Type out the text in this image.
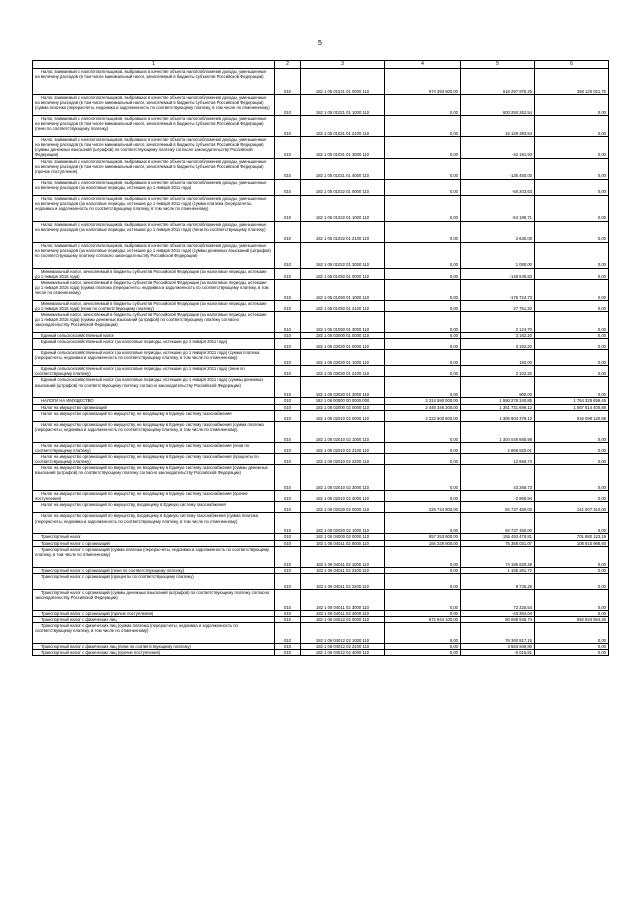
5
1	2	3	4	5	6
Налог, взимаемый с налогоплательщиков, выбравших в качестве объекта налогообложения доходы, уменьшенные на величину расходов (в том числе минимальный налог, зачисляемый в бюджеты субъектов Российской Федерации)	010	182 1 05 01021 01 0000 110	974 393 600,00	616 297 976,25	358 125 021,75
Налог, взимаемый с налогоплательщиков, выбравших в качестве объекта налогообложения доходы, уменьшенные на величину расходов (в том числе минимальный налог, зачисляемый в бюджеты субъектов Российской Федерации) (сумма платежа (перерасчеты, недоимка и задолженность по соответствующему платежу, в том числе по отмененному)	010	182 1 05 01021 01 1000 110	0,00	600 250 262,54	0,00
Налог, взимаемый с налогоплательщиков, выбравших в качестве объекта налогообложения доходы, уменьшенные на величину расходов (в том числе минимальный налог, зачисляемый в бюджеты субъектов Российской Федерации) (пени по соответствующему платежу)	010	182 1 05 01021 01 2100 110	0,00	16 129 393,54	0,00
Налог, взимаемый с налогоплательщиков, выбравших в качестве объекта налогообложения доходы, уменьшенные на величину расходов (в том числе минимальный налог, зачисляемый в бюджеты субъектов Российской Федерации) (суммы денежных взысканий (штрафов) по соответствующему платежу согласно законодательству Российской Федерации)	010	182 1 05 01021 01 3000 110	0,00	-42 181,93	0,00
Налог, взимаемый с налогоплательщиков, выбравших в качестве объекта налогообложения доходы, уменьшенные на величину расходов (в том числе минимальный налог, зачисляемый в бюджеты субъектов Российской Федерации) (прочие поступления)	010	182 1 05 01021 01 4000 110	0,00	-135 450,00	0,00
Налог, взимаемый с налогоплательщиков, выбравших в качестве объекта налогообложения доходы, уменьшенные на величину расходов (за налоговые периоды, истекшие до 1 января 2011 года)	010	182 1 05 01022 01 0000 110	0,00	-50 203,63	0,00
Налог, взимаемый с налогоплательщиков, выбравших в качестве объекта налогообложения доходы, уменьшенные на величину расходов (за налоговые периоды, истекшие до 1 января 2011 года) (сумма платежа (перерасчеты, недоимка и задолженность по соответствующему платежу, в том числе по отмененному)	010	182 1 05 01022 01 1000 110	0,00	-54 189,71	0,00
Налог, взимаемый с налогоплательщиков, выбравших в качестве объекта налогообложения доходы, уменьшенные на величину расходов (за налоговые периоды, истекшие до 1 января 2011 года) (пени по соответствующему платежу)	010	182 1 05 01022 01 2100 110	0,00	2 630,08	0,00
Налог, взимаемый с налогоплательщиков, выбравших в качестве объекта налогообложения доходы, уменьшенные на величину расходов (за налоговые периоды, истекшие до 1 января 2011 года) (суммы денежных взысканий (штрафов) по соответствующему платежу согласно законодательству Российской Федерации)	010	182 1 05 01022 01 3000 110	0,00	1 080,00	0,00
Минимальный налог, зачисляемый в бюджеты субъектов Российской Федерации (за налоговые периоды, истекшие до 1 января 2016 года)	010	182 1 05 01050 01 0000 110	0,00	-148 649,83	0,00
Минимальный налог, зачисляемый в бюджеты субъектов Российской Федерации (за налоговые периоды, истекшие до 1 января 2016 года) (сумма платежа (перерасчеты, недоимка и задолженность по соответствующему платежу, в том числе по отмененному)	010	182 1 05 01050 01 1000 110	0,00	-176 724,73	0,00
Минимальный налог, зачисляемый в бюджеты субъектов Российской Федерации (за налоговые периоды, истекшие до 1 января 2016 года) (пени по соответствующему платежу)	010	182 1 05 01050 01 2100 110	0,00	27 751,20	0,00
Минимальный налог, зачисляемый в бюджеты субъектов Российской Федерации (за налоговые периоды, истекшие до 1 января 2016 года) (суммы денежных взысканий (штрафов) по соответствующему платежу согласно законодательству Российской Федерации)	010	182 1 05 01050 01 3000 110	0,00	2 124,70	0,00
Единый сельскохозяйственный налог	010	182 1 05 03000 01 0000 110	0,00	3 162,20	0,00
Единый сельскохозяйственный налог (за налоговые периоды, истекшие до 1 января 2011 года)	010	182 1 05 03020 01 0000 110	0,00	3 152,20	0,00
Единый сельскохозяйственный налог (за налоговые периоды, истекшие до 1 января 2011 года) (сумма платежа (перерасчеты, недоимка и задолженность по соответствующему платежу, в том числе по отмененному)	010	182 1 05 03020 01 1000 110	0,00	150,00	0,00
Единый сельскохозяйственный налог (за налоговые периоды, истекшие до 1 января 2011 года) (пени по соответствующему платежу)	010	182 1 05 03020 01 2100 110	0,00	2 102,20	0,00
Единый сельскохозяйственный налог (за налоговые периоды, истекшие до 1 января 2011 года) (суммы денежных взысканий (штрафов) по соответствующему платежу согласно законодательству Российской Федерации)	010	182 1 05 03020 01 3000 110	0,00	900,00	0,00
НАЛОГИ НА ИМУЩЕСТВО	010	182 1 06 00000 00 0000 000	3 314 590 000,00	1 550 278 340,85	1 764 328 659,45
Налог на имущество организаций	010	182 1 06 02000 02 0000 110	2 449 346 300,00	1 361 731 699,12	1 087 614 400,88
Налог на имущество организаций по имуществу, не входящему в Единую систему газоснабжения	010	182 1 06 02010 02 0000 110	2 223 600 600,00	1 305 904 379,12	916 099 120,88
Налог на имущество организаций по имуществу, не входящему в Единую систему газоснабжения (сумма платежа (перерасчеты, недоимка и задолженность по соответствующему платежу, в том числе по отмененному)	010	182 1 06 02010 02 1000 110	0,00	1 304 046 565,98	0,00
Налог на имущество организаций по имуществу, не входящему в Единую систему газоснабжения (пени по соответствующему платежу)	010	182 1 06 02010 02 2100 110	0,00	2 868 820,01	0,00
Налог на имущество организаций по имуществу, не входящему в Единую систему газоснабжения (проценты по соответствующему платежу)	010	182 1 06 02010 02 2200 110	0,00	12 666,74	0,00
Налог на имущество организаций по имуществу, не входящему в Единую систему газоснабжения (суммы денежных взысканий (штрафов) по соответствующему платежу согласно законодательству Российской Федерации)	010	182 1 06 02010 02 3000 110	0,00	43 266,73	0,00
Налог на имущество организаций по имуществу, не входящему в Единую систему газоснабжения (прочие поступления)	010	182 1 06 02010 02 4000 110	0,00	-2 966,94	0,00
Налог на имущество организаций по имуществу, входящему в Единую систему газоснабжения	010	182 1 06 02020 02 0000 110	225 744 800,00	84 737 450,00	141 007 310,00
Налог на имущество организаций по имуществу, входящему в Единую систему газоснабжения (сумма платежа (перерасчеты, недоимка и задолженность по соответствующему платежу, в том числе по отмененному)	010	182 1 06 02020 02 1000 110	0,00	84 737 450,00	0,00
Транспортный налог	010	182 1 06 04000 02 0000 110	857 253 600,00	155 493 476,81	701 880 123,19
Транспортный налог с организаций	010	182 1 06 04011 02 0000 110	184 329 800,00	75 368 031,07	108 915 968,93
Транспортный налог с организаций (сумма платежа (перерасчеты, недоимка и задолженность по соответствующему платежу, в том числе по отмененному)	010	182 1 06 04011 02 1000 110	0,00	74 195 620,49	0,00
Транспортный налог с организаций (пени по соответствующему платежу)	010	182 1 06 04011 02 2100 110	0,00	1 155 281,72	0,00
Транспортный налог с организаций (проценты по соответствующему платежу)	010	182 1 06 04011 02 2200 110	0,00	8 735,26	0,00
Транспортный налог с организаций (суммы денежных взысканий (штрафов) по соответствующему платежу согласно законодательству Российской Федерации)	010	182 1 06 04011 02 3000 110	0,00	72 325,54	0,00
Транспортный налог с организаций (прочие поступления)	010	182 1 06 04011 02 4000 110	0,00	-43 384,04	0,00
Транспортный налог с физических лиц	010	182 1 06 04012 02 0000 110	672 944 100,00	80 089 545,74	592 934 554,26
Транспортный налог с физических лиц (сумма платежа (перерасчеты, недоимка и задолженность по соответствующему платежу, в том числе по отмененному)	010	182 1 06 04012 02 1000 110	0,00	76 360 817,16	0,00
Транспортный налог с физических лиц (пени по соответствующему платежу)	010	182 1 06 04012 02 2100 110	0,00	3 583 949,80	0,00
Транспортный налог с физических лиц (прочие поступления)	010	182 1 06 04012 02 4000 110	0,00	-5 015,81	0,00
